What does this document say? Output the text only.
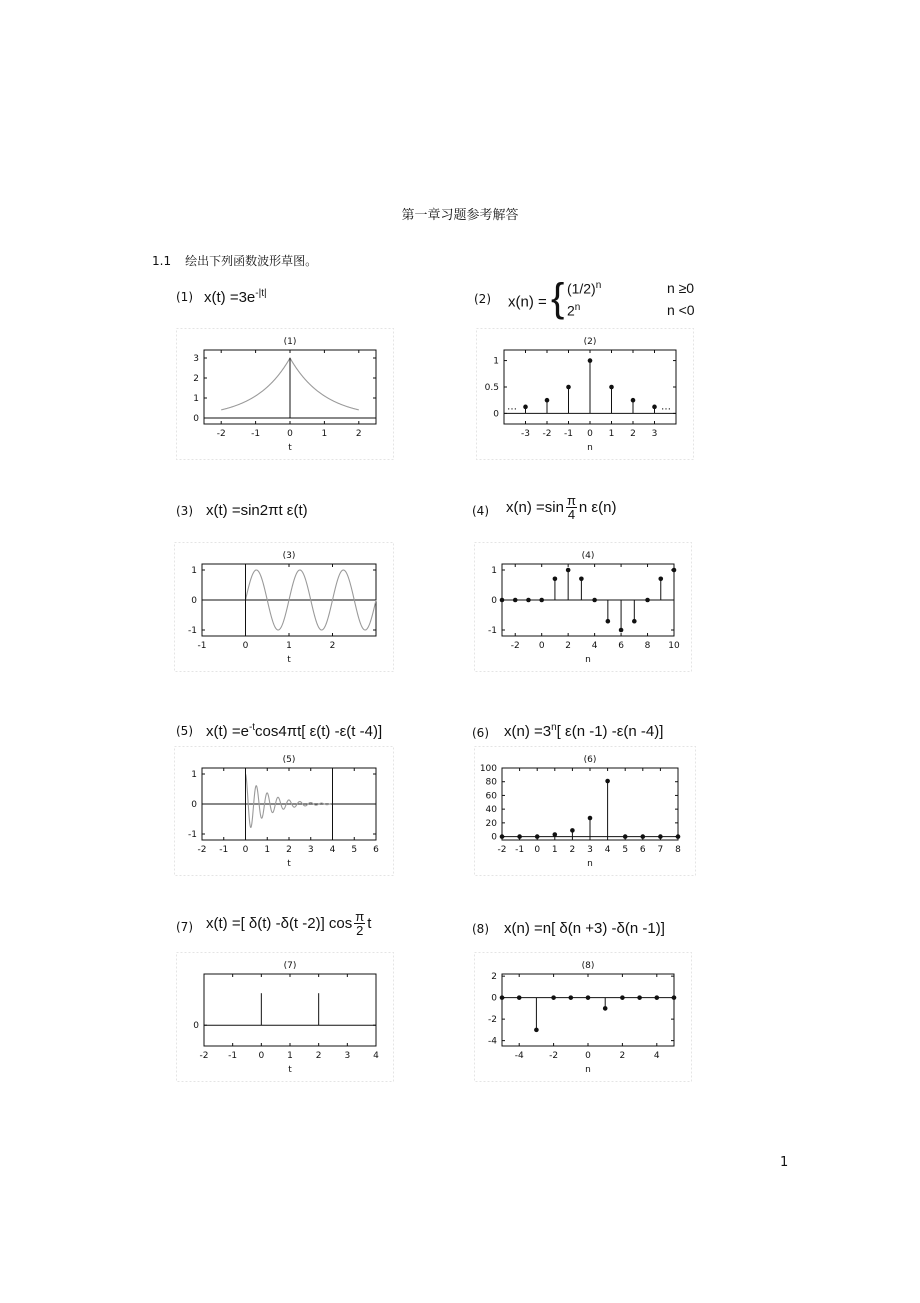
第一章习题参考解答
1.1 绘出下列函数波形草图。
(1) $x(t) =3e^{-|t|}$	(2) x(n) = { $(1/2)^n$
2$^n$
n ≥0
n <0
(3) x(t) =sin2πt ε(t)	(4) $x(n) =\sin \frac{\pi}{4}$ n ε(n)
(5) $x(t) =e^{-t}\cos 4\pi t$[ ε(t) -ε(t -4)]	(6) $x(n) =3^n$[ ε(n -1) -ε(n -4)]
(7) x(t) =[ δ(t) -δ(t -2)] $\cos \frac{\pi}{2}$ t	(8) x(n) =n[ δ(n +3) -δ(n -1)]
(1)
-2	-1	0	1	2
0
1
2
3
t
(2)
-3 -2 -1 0 1 2 3
0
0.5
1
n
…	…
(3)
-1	0	1	2
-1
0
1
t
(4)
-2 0 2 4 6 8 10
-1
0
1
n
(5)
-2 -1 0 1 2 3 4 5 6
-1
0
1
t
(6)
-2 -1 0 1 2 3 4 5 6 7 8
0
20
40
60
80
100
n
(7)
-2 -1 0	1	2	3	4
0
t
(8)
-4	-2	0	2	4
-4
-2
0
2
n
1
